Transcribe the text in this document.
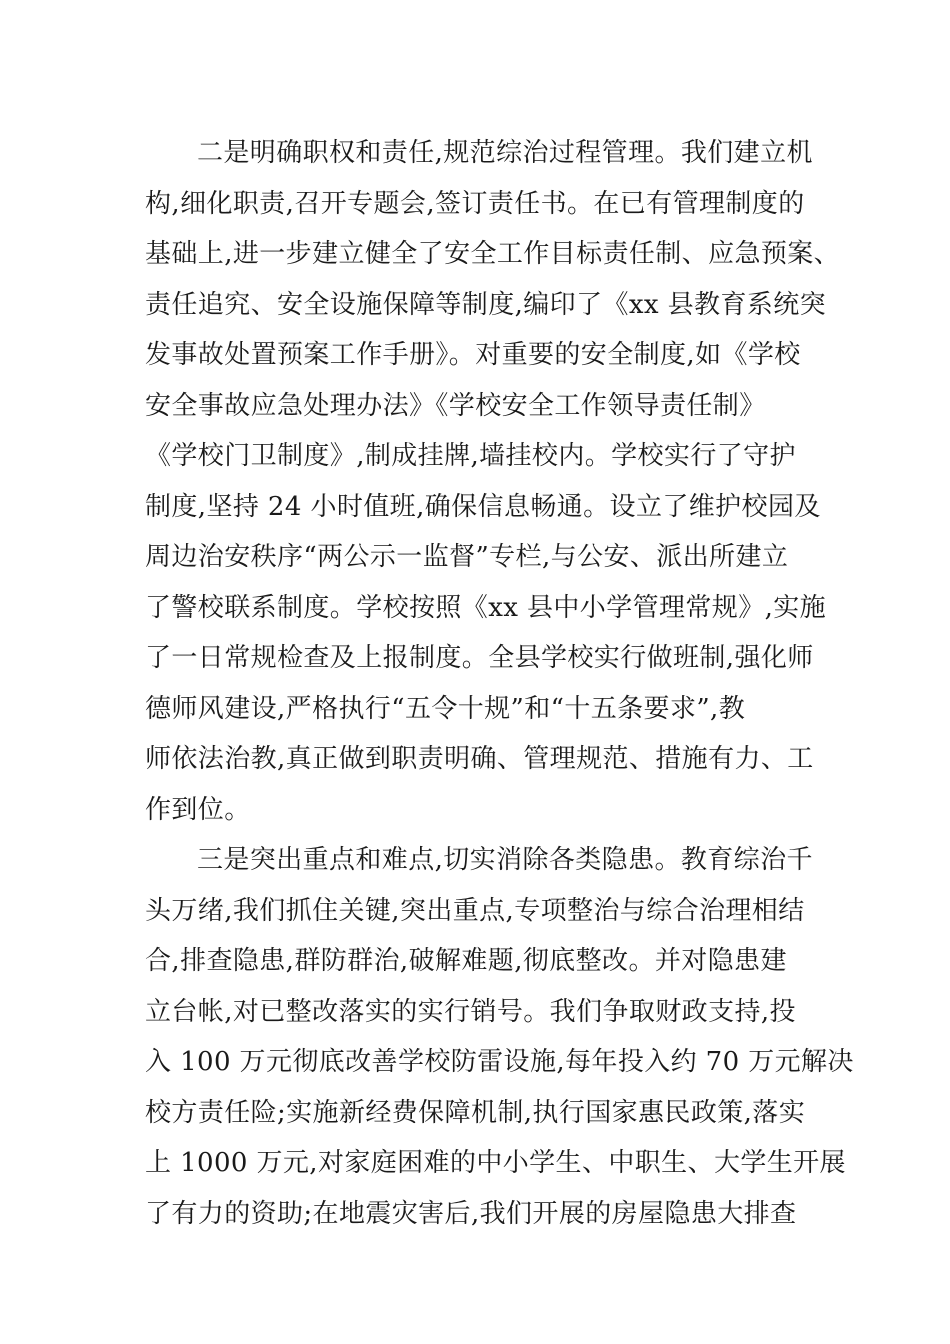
二是明确职权和责任,规范综治过程管理。我们建立机
构,细化职责,召开专题会,签订责任书。在已有管理制度的
基础上,进一步建立健全了安全工作目标责任制、应急预案、
责任追究、安全设施保障等制度,编印了《xx 县教育系统突
发事故处置预案工作手册》。对重要的安全制度,如《学校
安全事故应急处理办法》《学校安全工作领导责任制》
《学校门卫制度》,制成挂牌,墙挂校内。学校实行了守护
制度,坚持 24 小时值班,确保信息畅通。设立了维护校园及
周边治安秩序“两公示一监督”专栏,与公安、派出所建立
了警校联系制度。学校按照《xx 县中小学管理常规》,实施
了一日常规检查及上报制度。全县学校实行做班制,强化师
德师风建设,严格执行“五令十规”和“十五条要求”,教
师依法治教,真正做到职责明确、管理规范、措施有力、工
作到位。
三是突出重点和难点,切实消除各类隐患。教育综治千
头万绪,我们抓住关键,突出重点,专项整治与综合治理相结
合,排查隐患,群防群治,破解难题,彻底整改。并对隐患建
立台帐,对已整改落实的实行销号。我们争取财政支持,投
入 100 万元彻底改善学校防雷设施,每年投入约 70 万元解决
校方责任险;实施新经费保障机制,执行国家惠民政策,落实
上 1000 万元,对家庭困难的中小学生、中职生、大学生开展
了有力的资助;在地震灾害后,我们开展的房屋隐患大排查
